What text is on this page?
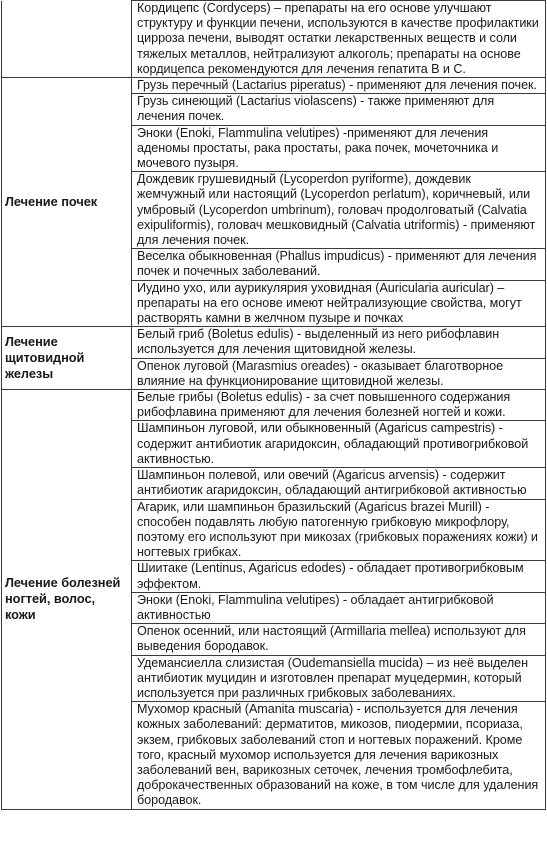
	Кордицепс (Cordyceps) – препараты на его основе улучшают структуру и функции печени, используются в качестве профилактики цирроза печени, выводят остатки лекарственных веществ и соли тяжелых металлов, нейтрализуют алкоголь; препараты на основе кордицепса рекомендуются для лечения гепатита B и C.
Лечение почек	Грузь перечный (Lactarius piperatus) - применяют для лечения почек.
	Грузь синеющий (Lactarius violascens) - также применяют для лечения почек.
	Эноки (Enoki, Flammulina velutipes) -применяют для лечения аденомы простаты, рака простаты, рака почек, мочеточника и мочевого пузыря.
	Дождевик грушевидный (Lycoperdon pyriforme), дождевик жемчужный или настоящий (Lycoperdon perlatum), коричневый, или умбровый (Lycoperdon umbrinum), головач продолговатый (Calvatia exipuliformis), головач мешковидный (Calvatia utriformis) - применяют для лечения почек.
	Веселка обыкновенная (Phallus impudicus) - применяют для лечения почек и почечных заболеваний.
	Иудино ухо, или аурикулярия уховидная (Auricularia auricular) – препараты на его основе имеют нейтрализующие свойства, могут растворять камни в желчном пузыре и почках
Лечение щитовидной железы	Белый гриб (Boletus edulis) - выделенный из него рибофлавин используется для лечения щитовидной железы.
	Опенок луговой (Marasmius oreades) - оказывает благотворное влияние на функционирование щитовидной железы.
Лечение болезней ногтей, волос, кожи	Белые грибы (Boletus edulis) - за счет повышенного содержания рибофлавина применяют для лечения болезней ногтей и кожи.
	Шампиньон луговой, или обыкновенный (Agaricus campestris) - содержит антибиотик агаридоксин, обладающий противогрибковой активностью.
	Шампиньон полевой, или овечий (Agaricus arvensis) - содержит антибиотик агаридоксин, обладающий антигрибковой активностью
	Агарик, или шампиньон бразильский (Agaricus brazei Murill) - способен подавлять любую патогенную грибковую микрофлору, поэтому его используют при микозах (грибковых поражениях кожи) и ногтевых грибках.
	Шиитаке (Lentinus, Agaricus edodes) - обладает противогрибковым эффектом.
	Эноки (Enoki, Flammulina velutipes) - обладает антигрибковой активностью
	Опенок осенний, или настоящий (Armillaria mellea) используют для выведения бородавок.
	Удемансиелла слизистая (Oudemansiella mucida) – из неё выделен антибиотик муцидин и изготовлен препарат муцедермин, который используется при различных грибковых заболеваниях.
	Мухомор красный (Amanita muscaria) - используется для лечения кожных заболеваний: дерматитов, микозов, пиодермии, псориаза, экзем, грибковых заболеваний стоп и ногтевых поражений. Кроме того, красный мухомор используется для лечения варикозных заболеваний вен, варикозных сеточек, лечения тромбофлебита, доброкачественных образований на коже, в том числе для удаления бородавок.
